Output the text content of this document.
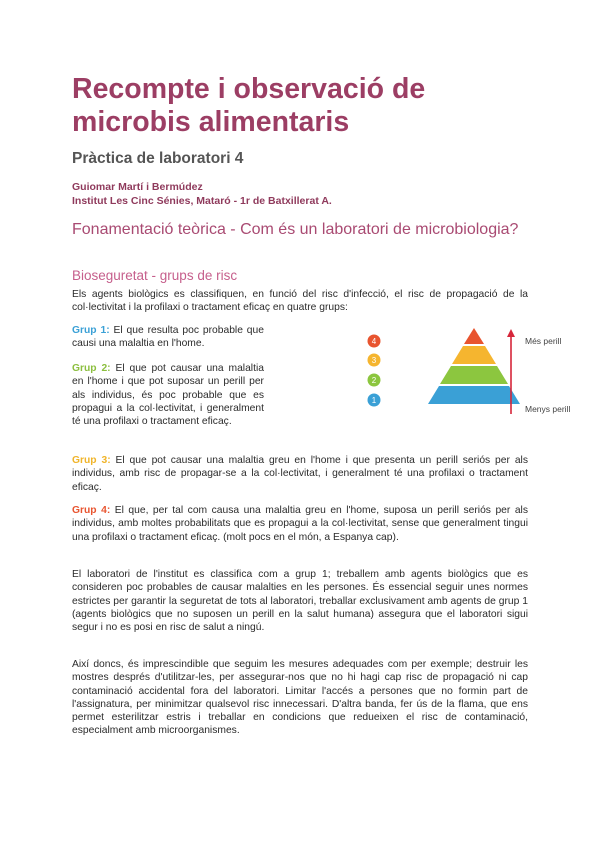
Recompte i observació de microbis alimentaris
Pràctica de laboratori 4
Guiomar Martí i Bermúdez
Institut Les Cinc Sénies, Mataró - 1r de Batxillerat A.
Fonamentació teòrica - Com és un laboratori de microbiologia?
Bioseguretat - grups de risc

Els agents biològics es classifiquen, en funció del risc d'infecció, el risc de propagació de la col·lectivitat i la profilaxi o tractament eficaç en quatre grups:

Grup 1: El que resulta poc probable que causi una malaltia en l'home.

Grup 2: El que pot causar una malaltia en l'home i que pot suposar un perill per als individus, és poc probable que es propagui a la col·lectivitat, i generalment té una profilaxi o tractament eficaç.

4
3
2
1
Més perill
Menys perill

Grup 3: El que pot causar una malaltia greu en l'home i que presenta un perill seriós per als individus, amb risc de propagar-se a la col·lectivitat, i generalment té una profilaxi o tractament eficaç.

Grup 4: El que, per tal com causa una malaltia greu en l'home, suposa un perill seriós per als individus, amb moltes probabilitats que es propagui a la col·lectivitat, sense que generalment tingui una profilaxi o tractament eficaç. (molt pocs en el món, a Espanya cap).

El laboratori de l'institut es classifica com a grup 1; treballem amb agents biològics que es consideren poc probables de causar malalties en les persones. És essencial seguir unes normes estrictes per garantir la seguretat de tots al laboratori, treballar exclusivament amb agents de grup 1 (agents biològics que no suposen un perill en la salut humana) assegura que el laboratori sigui segur i no es posi en risc de salut a ningú.

Així doncs, és imprescindible que seguim les mesures adequades com per exemple; destruir les mostres després d'utilitzar-les, per assegurar-nos que no hi hagi cap risc de propagació ni cap contaminació accidental fora del laboratori. Limitar l'accés a persones que no formin part de l'assignatura, per minimitzar qualsevol risc innecessari. D'altra banda, fer ús de la flama, que ens permet esterilitzar estris i treballar en condicions que redueixen el risc de contaminació, especialment amb microorganismes.
